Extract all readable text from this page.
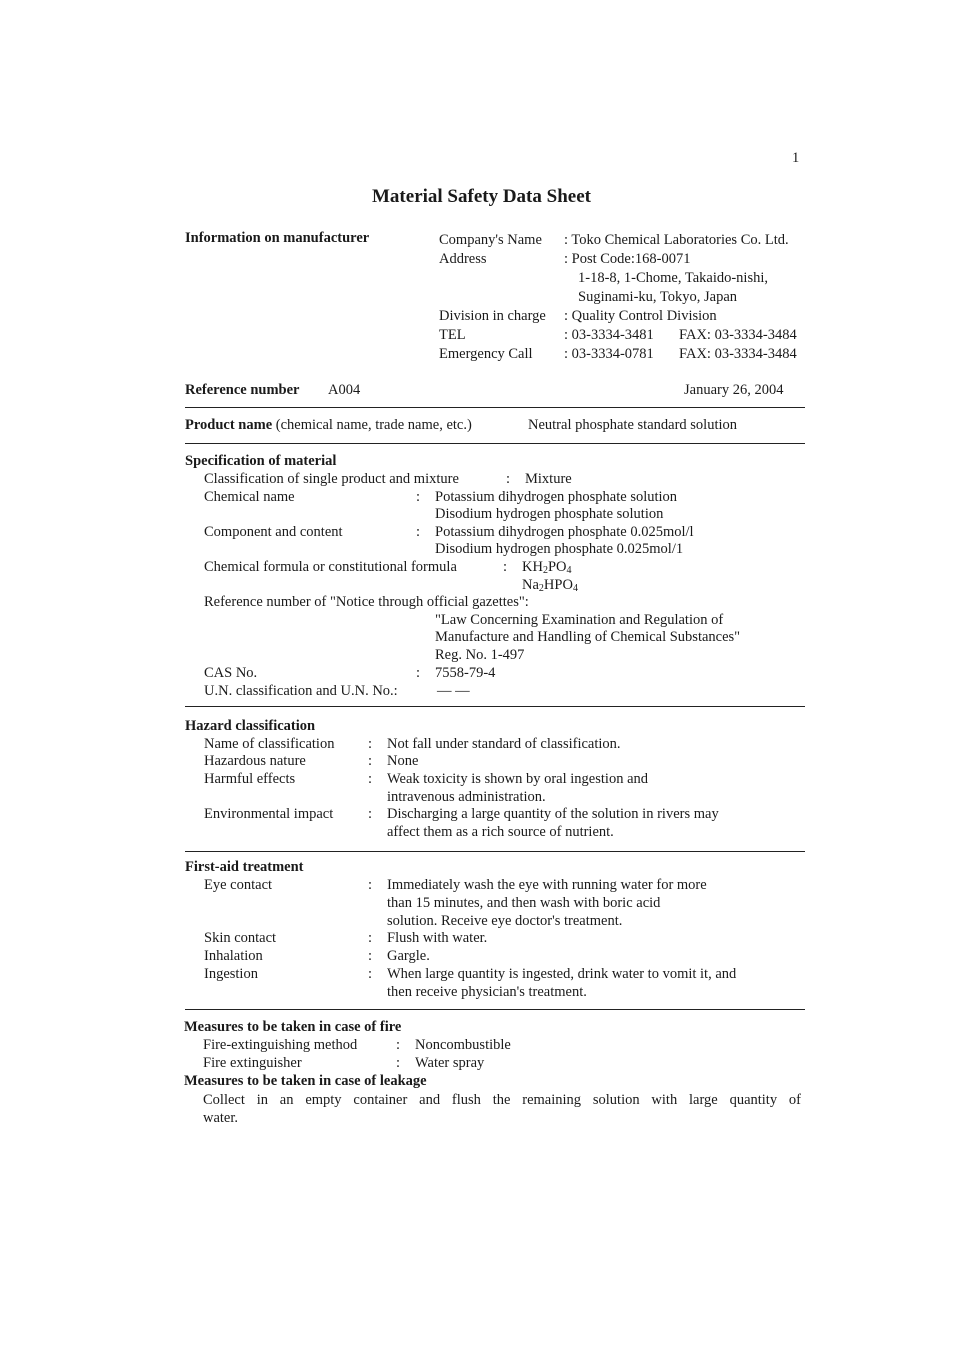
1
Material Safety Data Sheet
Information on manufacturer	Company's Name : Toko Chemical Laboratories Co. Ltd.
Address	: Post Code:168-0071
1-18-8, 1-Chome, Takaido-nishi,
Suginami-ku, Tokyo, Japan
Division in charge : Quality Control Division
TEL	: 03-3334-3481 FAX: 03-3334-3484
Emergency Call : 03-3334-0781 FAX: 03-3334-3484
Reference number A004	January 26, 2004
Product name (chemical name, trade name, etc.)	Neutral phosphate standard solution
Specification of material
Classification of single product and mixture	: Mixture
Chemical name	: Potassium dihydrogen phosphate solution
Disodium hydrogen phosphate solution
Component and content	: Potassium dihydrogen phosphate 0.025mol/l
Disodium hydrogen phosphate 0.025mol/1
Chemical formula or constitutional formula	: $KH_2PO_4$
$Na_2HPO_4$
Reference number of "Notice through official gazettes":
"Law Concerning Examination and Regulation of
Manufacture and Handling of Chemical Substances"
Reg. No. 1-497
CAS No.	: 7558-79-4
U.N. classification and U.N. No.:	— —
Hazard classification
Name of classification : Not fall under standard of classification.
Hazardous nature	: None
Harmful effects	: Weak toxicity is shown by oral ingestion and
intravenous administration.
Environmental impact : Discharging a large quantity of the solution in rivers may
affect them as a rich source of nutrient.
First-aid treatment
Eye contact	: Immediately wash the eye with running water for more
than 15 minutes, and then wash with boric acid
solution. Receive eye doctor's treatment.
Skin contact	: Flush with water.
Inhalation	: Gargle.
Ingestion	: When large quantity is ingested, drink water to vomit it, and
then receive physician's treatment.
Measures to be taken in case of fire
Fire-extinguishing method	: Noncombustible
Fire extinguisher	: Water spray
Measures to be taken in case of leakage
Collect in an empty container and flush the remaining solution with large quantity of
water.
